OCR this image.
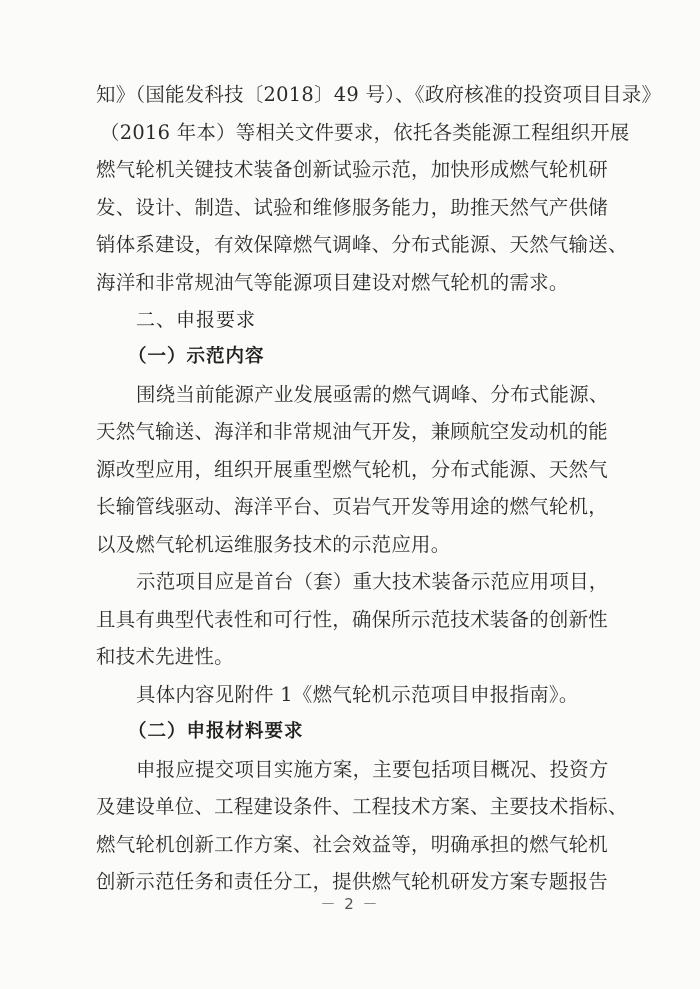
知》（国能发科技〔2018〕49 号）、《政府核准的投资项目目录》
（2016 年本）等相关文件要求，依托各类能源工程组织开展
燃气轮机关键技术装备创新试验示范，加快形成燃气轮机研
发、设计、制造、试验和维修服务能力，助推天然气产供储
销体系建设，有效保障燃气调峰、分布式能源、天然气输送、
海洋和非常规油气等能源项目建设对燃气轮机的需求。
二、申报要求
（一）示范内容
围绕当前能源产业发展亟需的燃气调峰、分布式能源、
天然气输送、海洋和非常规油气开发，兼顾航空发动机的能
源改型应用，组织开展重型燃气轮机，分布式能源、天然气
长输管线驱动、海洋平台、页岩气开发等用途的燃气轮机，
以及燃气轮机运维服务技术的示范应用。
示范项目应是首台（套）重大技术装备示范应用项目，
且具有典型代表性和可行性，确保所示范技术装备的创新性
和技术先进性。
具体内容见附件 1《燃气轮机示范项目申报指南》。
（二）申报材料要求
申报应提交项目实施方案，主要包括项目概况、投资方
及建设单位、工程建设条件、工程技术方案、主要技术指标、
燃气轮机创新工作方案、社会效益等，明确承担的燃气轮机
创新示范任务和责任分工，提供燃气轮机研发方案专题报告
－ 2 －
